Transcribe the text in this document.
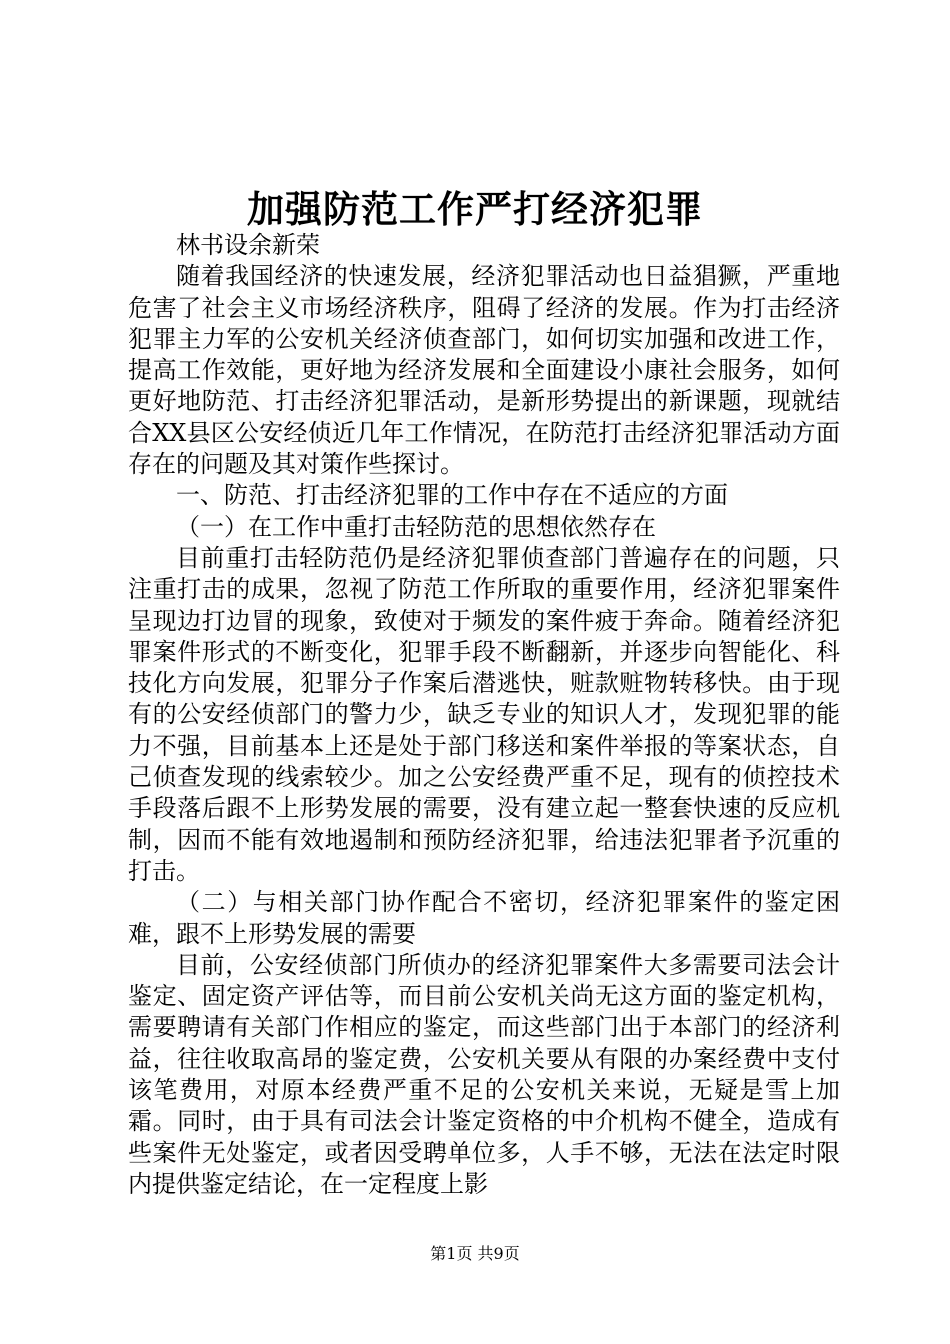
加强防范工作严打经济犯罪

林书设余新荣

随着我国经济的快速发展，经济犯罪活动也日益猖獗，严重地危害了社会主义市场经济秩序，阻碍了经济的发展。作为打击经济犯罪主力军的公安机关经济侦查部门，如何切实加强和改进工作，提高工作效能，更好地为经济发展和全面建设小康社会服务，如何更好地防范、打击经济犯罪活动，是新形势提出的新课题，现就结合XX县区公安经侦近几年工作情况，在防范打击经济犯罪活动方面存在的问题及其对策作些探讨。

一、防范、打击经济犯罪的工作中存在不适应的方面

（一）在工作中重打击轻防范的思想依然存在

目前重打击轻防范仍是经济犯罪侦查部门普遍存在的问题，只注重打击的成果，忽视了防范工作所取的重要作用，经济犯罪案件呈现边打边冒的现象，致使对于频发的案件疲于奔命。随着经济犯罪案件形式的不断变化，犯罪手段不断翻新，并逐步向智能化、科技化方向发展，犯罪分子作案后潜逃快，赃款赃物转移快。由于现有的公安经侦部门的警力少，缺乏专业的知识人才，发现犯罪的能力不强，目前基本上还是处于部门移送和案件举报的等案状态，自己侦查发现的线索较少。加之公安经费严重不足，现有的侦控技术手段落后跟不上形势发展的需要，没有建立起一整套快速的反应机制，因而不能有效地遏制和预防经济犯罪，给违法犯罪者予沉重的打击。

（二）与相关部门协作配合不密切，经济犯罪案件的鉴定困难，跟不上形势发展的需要

目前，公安经侦部门所侦办的经济犯罪案件大多需要司法会计鉴定、固定资产评估等，而目前公安机关尚无这方面的鉴定机构，需要聘请有关部门作相应的鉴定，而这些部门出于本部门的经济利益，往往收取高昂的鉴定费，公安机关要从有限的办案经费中支付该笔费用，对原本经费严重不足的公安机关来说，无疑是雪上加霜。同时，由于具有司法会计鉴定资格的中介机构不健全，造成有些案件无处鉴定，或者因受聘单位多，人手不够，无法在法定时限内提供鉴定结论，在一定程度上影

第1页 共9页
